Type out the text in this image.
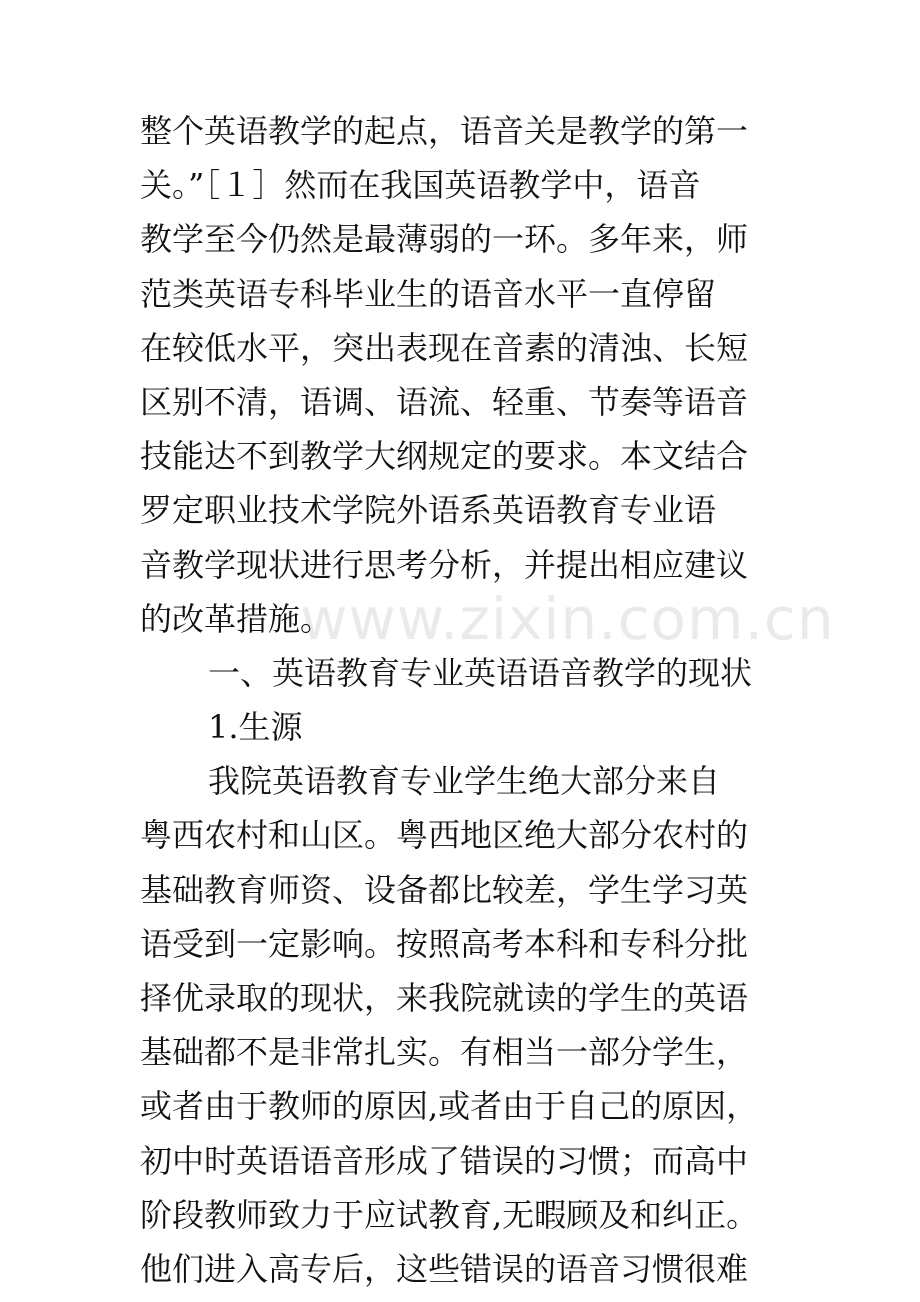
www.zixin.com.cn
整个英语教学的起点，语音关是教学的第一
关。”［１］然而在我国英语教学中，语音
教学至今仍然是最薄弱的一环。多年来，师
范类英语专科毕业生的语音水平一直停留
在较低水平，突出表现在音素的清浊、长短
区别不清，语调、语流、轻重、节奏等语音
技能达不到教学大纲规定的要求。本文结合
罗定职业技术学院外语系英语教育专业语
音教学现状进行思考分析，并提出相应建议
的改革措施。
一、英语教育专业英语语音教学的现状
1.生源
我院英语教育专业学生绝大部分来自
粤西农村和山区。粤西地区绝大部分农村的
基础教育师资、设备都比较差，学生学习英
语受到一定影响。按照高考本科和专科分批
择优录取的现状，来我院就读的学生的英语
基础都不是非常扎实。有相当一部分学生，
或者由于教师的原因,或者由于自己的原因，
初中时英语语音形成了错误的习惯；而高中
阶段教师致力于应试教育,无暇顾及和纠正。
他们进入高专后，这些错误的语音习惯很难
